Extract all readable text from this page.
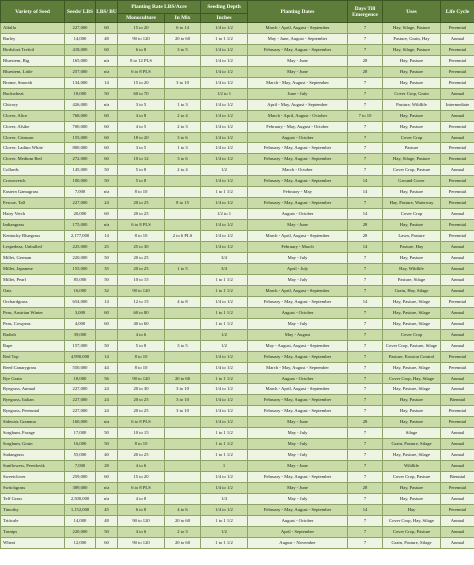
Variety of Seed	Seeds/ LBS	LBS/ BU	Planting Rate LBS/Acre		Seeding Depth	Planting Dates	Days Till Emergence	Uses	Life Cycle
			Monoculture	In Mix	Inches				
Alfalfa	227,000	60	15 to 20	6 to 14	1/4 to 1/2	March - April, August - September	7	Hay, Silage, Pasture	Perennial
Barley	14,000	48	90 to 120	20 to 60	1 to 1 1/2	May - June, August - September	7	Pasture, Grain, Hay	Annual
Birdsfoot Trefoil	418,000	60	6 to 8	3 to 5	1/4 to 1/2	February - May, August - September	7	Hay, Silage, Pasture	Perennial
Bluestem, Big	165,000	n/a	8 to 12 PLS		1/4 to 1/2	May - June	28	Hay, Pasture	Perennial
Bluestem, Little	257,000	n/a	6 to 8 PLS		1/4 to 1/2	May - June	28	Hay, Pasture	Perennial
Brome, Smooth	134,000	14	15 to 20	3 to 10	1/4 to 1/2	March - May, August - September	7	Hay, Pasture	Perennial
Buckwheat	18,000	50	60 to 70		1/2 to 1	June - July	7	Cover Crop, Grain	Annual
Chicory	426,000	n/a	3 to 5	1 to 3	1/4 to 1/2	April - May, August - September	7	Pasture, Wildlife	Intermediate
Clover, Alice	768,000	60	4 to 8	2 to 4	1/4 to 1/2	March - April, August - October	7 to 10	Hay, Pasture	Annual
Clover, Alsike	700,000	60	4 to 5	2 to 3	1/4 to 1/2	February - May, August - October	7	Hay, Pasture	Perennial
Clover, Crimson	155,000	60	18 to 20	3 to 6	1/4 to 1/2	August - October	7	Cover Crop	Annual
Clover, Ladino White	800,000	60	3 to 5	1 to 3	1/4 to 1/2	February - May, August - September	7	Pasture	Perennial
Clover, Medium Red	272,000	60	10 to 12	3 to 6	1/4 to 1/2	February - May, August - September	7	Hay, Silage, Pasture	Perennial
Collards	145,000	50	5 to 8	2 to 4	1/2	March - October	7	Cover Crop, Pasture	Annual
Crownvetch	100,000	50	5 to 8		1/4 to 1/2	February - May, August - September	14	Ground Cover	Perennial
Eastern Gamagrass	7,000	n/a	8 to 10		1 to 1 1/2	February - May	14	Hay, Pasture	Perennial
Fescue, Tall	227,000	24	20 to 25	8 to 15	1/4 to 1/2	February - May, August - September	7	Hay, Pasture, Waterway	Perennial
Hairy Vetch	20,000	60	20 to 25		1/2 to 1	August - October	14	Cover Crop	Annual
Indiangrass	175,000	n/a	6 to 8 PLS		1/4 to 1/2	May - June	28	Hay, Pasture	Perennial
Kentucky Bluegrass	2,177,000	14	8 to 10	2 to 6 PLS	1/4 to 1/2	March - April, August - September	28	Lawn, Pasture	Perennial
Lespedeza, Unhulled	225,000	25	25 to 30		1/4 to 1/2	February - March	14	Pasture, Hay	Annual
Millet, German	220,000	50	20 to 25		3/4	May - July	7	Hay, Pasture	Annual
Millet, Japanese	155,000	35	20 to 25	1 to 5	3/4	April - July	7	Hay, Wildlife	Annual
Millet, Pearl	85,000	50	10 to 15		1 to 1 1/2	May - July	7	Pasture, Silage	Annual
Oats	16,000	32	90 to 120		1 to 1 1/2	March - April, August - September	7	Grain, Hay, Silage	Annual
Orchardgrass	654,000	14	12 to 15	4 to 8	1/4 to 1/2	February - May, August - September	14	Hay, Pasture, Silage	Perennial
Peas, Austrian Winter	3,000	60	60 to 80		1 to 1 1/2	August - October	7	Hay, Pasture, Silage	Annual
Peas, Cowpeas	4,000	60	40 to 60		1 to 1 1/2	May - July	7	Hay, Pasture, Silage	Annual
Radish	39,000		4 to 6		1/2	May - August	7	Cover Crop	Annual
Rape	157,000	50	5 to 8	3 to 5	1/2	May - August, August - September	7	Cover Crop, Pasture, Silage	Annual
Red Top	4,990,000	14	8 to 10		1/4 to 1/2	February - May, August - September	7	Pasture, Erosion Control	Perennial
Reed Canarygrass	550,000	44	8 to 10		1/4 to 1/2	March - May, August - September	7	Hay, Pasture, Silage	Perennial
Rye Grain	18,000	56	90 to 120	20 to 60	1 to 1 1/2	August - October	7	Cover Crop, Hay, Silage	Annual
Ryegrass, Annual	227,000	24	20 to 30	3 to 10	1/4 to 1/2	March - April, August - September	7	Hay, Pasture, Silage	Annual
Ryegrass, Italian	227,000	24	20 to 25	3 to 10	1/4 to 1/2	February - May, August - September	7	Hay, Pasture	Biennial
Ryegrass, Perennial	227,000	24	20 to 25	3 to 10	1/4 to 1/2	February - May, August - September	7	Hay, Pasture	Perennial
Sideoats Gramma	160,000	n/a	6 to 8 PLS		1/4 to 1/2	May - June	28	Hay, Pasture	Perennial
Sorghum, Forage	17,000	50	10 to 15		1 to 1 1/2	May - July	7	Silage	Annual
Sorghum, Grain	16,000	50	8 to 10		1 to 1 1/2	May - July	7	Grain, Pasture, Silage	Annual
Sudangrass	55,000	40	20 to 25		1 to 1 1/2	May - July	7	Hay, Pasture, Silage	Annual
Sunflowers, Peredovik	7,000	28	4 to 6		1	May - June	7	Wildlife	Annual
Sweetclover	259,000	60	15 to 20		1/4 to 1/2	February - May, August - September	7	Cover Crop, Pasture	Biennial
Switchgrass	389,000	n/a	6 to 8 PLS		1/4 to 1/2	May - June	28	Hay, Pasture	Perennial
Teff Grass	2,500,000	n/a	4 to 8		1/4	May - July	7	Hay, Pasture	Annual
Timothy	1,152,000	45	6 to 8	4 to 6	1/4 to 1/2	February - May, August - September	14	Hay	Perennial
Triticale	14,000	48	90 to 120	20 to 60	1 to 1 1/2	August - October	7	Cover Crop, Hay, Silage	Annual
Turnips	220,000	50	4 to 6	2 to 3	1/2	April - September	7	Cover Crop, Pasture	Annual
Wheat	12,000	60	90 to 120	20 to 60	1 to 1 1/2	August - November	7	Grain, Pasture, Silage	Annual
